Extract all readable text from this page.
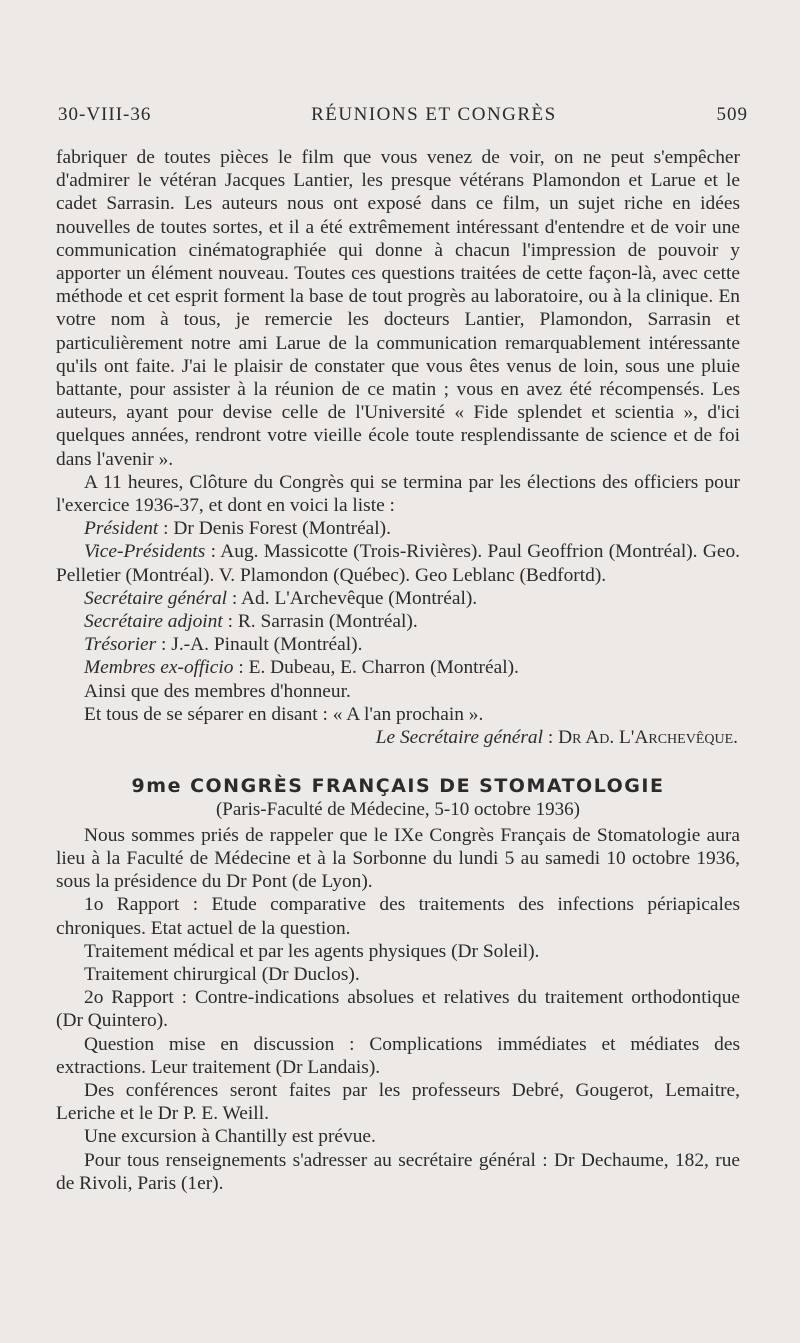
30-VIII-36	RÉUNIONS ET CONGRÈS	509

fabriquer de toutes pièces le film que vous venez de voir, on ne peut s'empêcher d'admirer le vétéran Jacques Lantier, les presque vétérans Plamondon et Larue et le cadet Sarrasin. Les auteurs nous ont exposé dans ce film, un sujet riche en idées nouvelles de toutes sortes, et il a été extrêmement intéressant d'entendre et de voir une communication cinématographiée qui donne à chacun l'impression de pouvoir y apporter un élément nouveau. Toutes ces questions traitées de cette façon-là, avec cette méthode et cet esprit forment la base de tout progrès au laboratoire, ou à la clinique. En votre nom à tous, je remercie les docteurs Lantier, Plamondon, Sarrasin et particulièrement notre ami Larue de la communication remarquablement intéressante qu'ils ont faite. J'ai le plaisir de constater que vous êtes venus de loin, sous une pluie battante, pour assister à la réunion de ce matin ; vous en avez été récompensés. Les auteurs, ayant pour devise celle de l'Université « Fide splendet et scientia », d'ici quelques années, rendront votre vieille école toute resplendissante de science et de foi dans l'avenir ».

A 11 heures, Clôture du Congrès qui se termina par les élections des officiers pour l'exercice 1936-37, et dont en voici la liste :

Président : Dr Denis Forest (Montréal).

Vice-Présidents : Aug. Massicotte (Trois-Rivières). Paul Geoffrion (Montréal). Geo. Pelletier (Montréal). V. Plamondon (Québec). Geo Leblanc (Bedfortd).

Secrétaire général : Ad. L'Archevêque (Montréal).

Secrétaire adjoint : R. Sarrasin (Montréal).

Trésorier : J.-A. Pinault (Montréal).

Membres ex-officio : E. Dubeau, E. Charron (Montréal).

Ainsi que des membres d'honneur.

Et tous de se séparer en disant : « A l'an prochain ».

Le Secrétaire général : Dr Ad. L'Archevêque.

9me CONGRÈS FRANÇAIS DE STOMATOLOGIE
(Paris-Faculté de Médecine, 5-10 octobre 1936)

Nous sommes priés de rappeler que le IXe Congrès Français de Stomatologie aura lieu à la Faculté de Médecine et à la Sorbonne du lundi 5 au samedi 10 octobre 1936, sous la présidence du Dr Pont (de Lyon).

1o Rapport : Etude comparative des traitements des infections périapicales chroniques. Etat actuel de la question.

Traitement médical et par les agents physiques (Dr Soleil).

Traitement chirurgical (Dr Duclos).

2o Rapport : Contre-indications absolues et relatives du traitement orthodontique (Dr Quintero).

Question mise en discussion : Complications immédiates et médiates des extractions. Leur traitement (Dr Landais).

Des conférences seront faites par les professeurs Debré, Gougerot, Lemaitre, Leriche et le Dr P. E. Weill.

Une excursion à Chantilly est prévue.

Pour tous renseignements s'adresser au secrétaire général : Dr Dechaume, 182, rue de Rivoli, Paris (1er).
